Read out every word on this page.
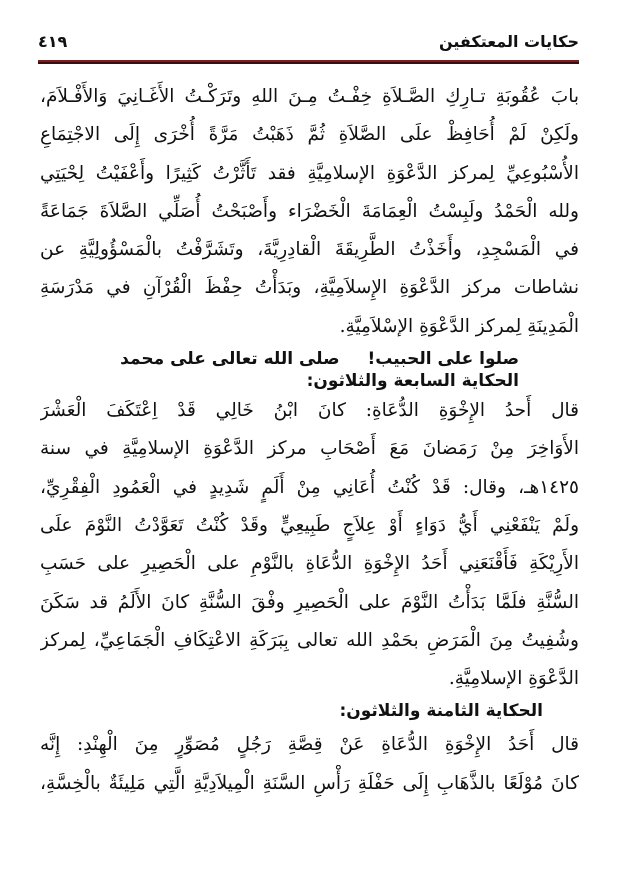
حكايات المعتكفين
٤١٩
بابَ عُقُوبَةِ تـارِكِ الصَّـلاَةِ خِفْـتُ مِـنَ اللهِ وتَرَكْـتُ الأَغَـانِيَ وَالأَفْـلاَمَ،
ولَكِنْ لَمْ أُحَافِظْ علَى الصَّلاَةِ ثُمَّ ذَهَبْتُ مَرَّةً أُخْرَى إِلَى الاجْتِمَاعِ
الأُسْبُوعِيِّ لِمركز الدَّعْوَةِ الإسلامِيَّةِ فقد تَأَثَّرْتُ كَثِيرًا وأَعْفَيْتُ لِحْيَتِي
ولله الْحَمْدُ ولَبِسْتُ الْعِمَامَةَ الْخَضْرَاء وأَصْبَحْتُ أُصَلِّي الصَّلاَةَ جَمَاعَةً
في الْمَسْجِدِ، وأَخَذْتُ الطَّرِيقَةَ الْقادِرِيَّةَ، وتَشَرَّفْتُ بالْمَسْؤُولِيَّةِ عن
نشاطات مركز الدَّعْوَةِ الإِسلاَمِيَّةِ، وبَدَأْتُ حِفْظَ الْقُرْآنِ في مَدْرَسَةِ
الْمَدِينَةِ لِمركز الدَّعْوَةِ الإسْلاَمِيَّةِ.
صلوا على الحبيب! صلى الله تعالى على محمد
الحكاية السابعة والثلاثون:
قال أَحدُ الإِخْوَةِ الدُّعَاةِ: كانَ ابْنُ خَالِي قَدْ اِعْتَكَفَ الْعَشْرَ
الأَوَاخِرَ مِنْ رَمَضانَ مَعَ أَصْحَابِ مركز الدَّعْوَةِ الإسلامِيَّةِ في سنة
١٤٢٥هـ، وقال: قَدْ كُنْتُ أُعَانِي مِنْ أَلَمٍ شَدِيدٍ في الْعَمُودِ الْفِقْرِيِّ،
ولَمْ يَنْفَعْنِي أَيُّ دَوَاءٍ أَوْ عِلاَجٍ طَبِيعِيٍّ وقَدْ كُنْتُ تَعَوَّدْتُ النَّوْمَ علَى
الأَرِيْكَةِ فَأَقْنَعَنِي أَحَدُ الإِخْوَةِ الدُّعَاةِ بالنَّوْمِ على الْحَصِيرِ على حَسَبِ
السُّنَّةِ فلَمَّا بَدَأْتُ النَّوْمَ على الْحَصِيرِ وفْقَ السُّنَّةِ كانَ الأَلَمُ قد سَكَنَ
وشُفِيتُ مِنَ الْمَرَضِ بحَمْدِ الله تعالى بِبَرَكَةِ الاعْتِكَافِ الْجَمَاعِيِّ، لِمركز
الدَّعْوَةِ الإسلامِيَّةِ.
الحكاية الثامنة والثلاثون:
قال أَحَدُ الإِخْوَةِ الدُّعَاةِ عَنْ قِصَّةِ رَجُلٍ مُصَوِّرٍ مِنَ الْهِنْدِ: إِنَّه
كانَ مُوْلَعًا بالذَّهَابِ إِلَى حَفْلَةِ رَأْسِ السَّنَةِ الْمِيلاَدِيَّةِ الَّتِي مَلِيئَةٌ بالْخِسَّةِ،
